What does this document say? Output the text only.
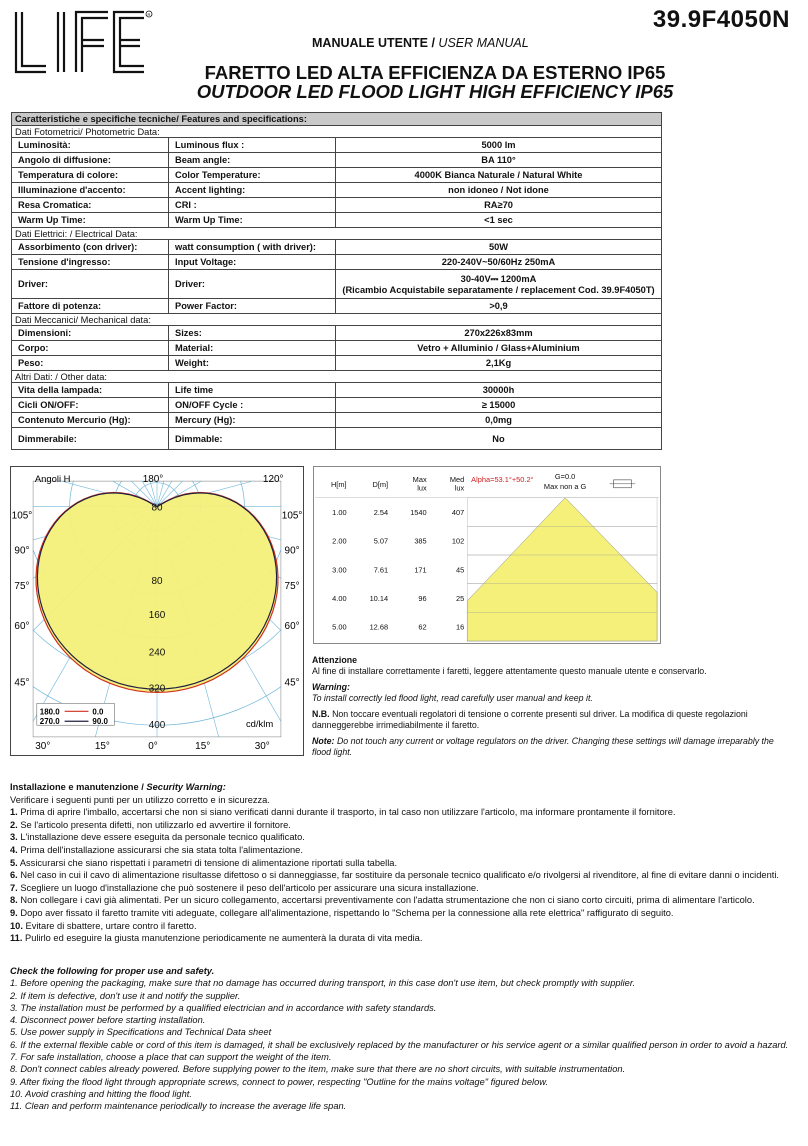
R	39.9F4050N
MANUALE UTENTE / USER MANUAL
FARETTO LED ALTA EFFICIENZA DA ESTERNO IP65
OUTDOOR LED FLOOD LIGHT HIGH EFFICIENCY IP65
Caratteristiche e specifiche tecniche/ Features and specifications:		
Dati Fotometrici/ Photometric Data:		
Luminosità:	Luminous flux :	5000 lm
Angolo di diffusione:	Beam angle:	BA 110°
Temperatura di colore:	Color Temperature:	4000K Bianca Naturale / Natural White
Illuminazione d'accento:	Accent lighting:	non idoneo / Not idone
Resa Cromatica:	CRI :	RA≥70
Warm Up Time:	Warm Up Time:	<1 sec
Dati Elettrici: / Electrical Data:		
Assorbimento (con driver):	watt consumption ( with driver):	50W
Tensione d'ingresso:	Input Voltage:	220-240V~50/60Hz 250mA
Driver:	Driver:	30-40V⎓ 1200mA
(Ricambio Acquistabile separatamente / replacement Cod. 39.9F4050T)

Fattore di potenza:	Power Factor:	>0,9
Dati Meccanici/ Mechanical data:		
Dimensioni:	Sizes:	270x226x83mm
Corpo:	Material:	Vetro + Alluminio / Glass+Aluminium
Peso:	Weight:	2,1Kg
Altri Dati: / Other data:		
Vita della lampada:	Life time	30000h
Cicli ON/OFF:	ON/OFF Cycle :	≥ 15000
Contenuto Mercurio (Hg):	Mercury (Hg):	0,0mg
Dimmerabile:	Dimmable:	No
80
80
160
240
320
400
Angoli H	180°	120°
105°
90°
75°
60°
45°
105°
90°
75°
60°
45°
30°	15°	0°	15°	30°
cd/klm
180.0	0.0
270.0	90.0
H[m]	D[m]
Max
lux
Med
lux
1.00	2.54	1540	407
2.00	5.07	385	102
3.00	7.61	171	45
4.00	10.14	96	25
5.00	12.68	62	16
Alpha=53.1°+50.2°	G=0.0
Max non a G

Attenzione

Al fine di installare correttamente i faretti, leggere attentamente questo manuale utente e conservarlo.

Warning:

To install correctly led flood light, read carefully user manual and keep it.

N.B. Non toccare eventuali regolatori di tensione o corrente presenti sul driver. La modifica di queste regolazioni danneggerebbe irrimediabilmente il faretto.

Note: Do not touch any current or voltage regulators on the driver. Changing these settings will damage irreparably the flood light.

Installazione e manutenzione / Security Warning:
Verificare i seguenti punti per un utilizzo corretto e in sicurezza.
1. Prima di aprire l'imballo, accertarsi che non si siano verificati danni durante il trasporto, in tal caso non utilizzare l'articolo, ma informare prontamente il fornitore.
2. Se l'articolo presenta difetti, non utilizzarlo ed avvertire il fornitore.
3. L'installazione deve essere eseguita da personale tecnico qualificato.
4. Prima dell'installazione assicurarsi che sia stata tolta l'alimentazione.
5. Assicurarsi che siano rispettati i parametri di tensione di alimentazione riportati sulla tabella.
6. Nel caso in cui il cavo di alimentazione risultasse difettoso o si danneggiasse, far sostituire da personale tecnico qualificato e/o rivolgersi al rivenditore, al fine di evitare danni o incidenti.
7. Scegliere un luogo d'installazione che può sostenere il peso dell'articolo per assicurare una sicura installazione.
8. Non collegare i cavi già alimentati. Per un sicuro collegamento, accertarsi preventivamente con l'adatta strumentazione che non ci siano corto circuiti, prima di alimentare l'articolo.
9. Dopo aver fissato il faretto tramite viti adeguate, collegare all'alimentazione, rispettando lo "Schema per la connessione alla rete elettrica" raffigurato di seguito.
10. Evitare di sbattere, urtare contro il faretto.
11. Pulirlo ed eseguire la giusta manutenzione periodicamente ne aumenterà la durata di vita media.
Check the following for proper use and safety.
1. Before opening the packaging, make sure that no damage has occurred during transport, in this case don't use item, but check promptly with supplier.
2. If item is defective, don't use it and notify the supplier.
3. The installation must be performed by a qualified electrician and in accordance with safety standards.
4. Disconnect power before starting installation.
5. Use power supply in Specifications and Technical Data sheet
6. If the external flexible cable or cord of this item is damaged, it shall be exclusively replaced by the manufacturer or his service agent or a similar qualified person in order to avoid a hazard.
7. For safe installation, choose a place that can support the weight of the item.
8. Don't connect cables already powered. Before supplying power to the item, make sure that there are no short circuits, with suitable instrumentation.
9. After fixing the flood light through appropriate screws, connect to power, respecting "Outline for the mains voltage" figured below.
10. Avoid crashing and hitting the flood light.
11. Clean and perform maintenance periodically to increase the average life span.
